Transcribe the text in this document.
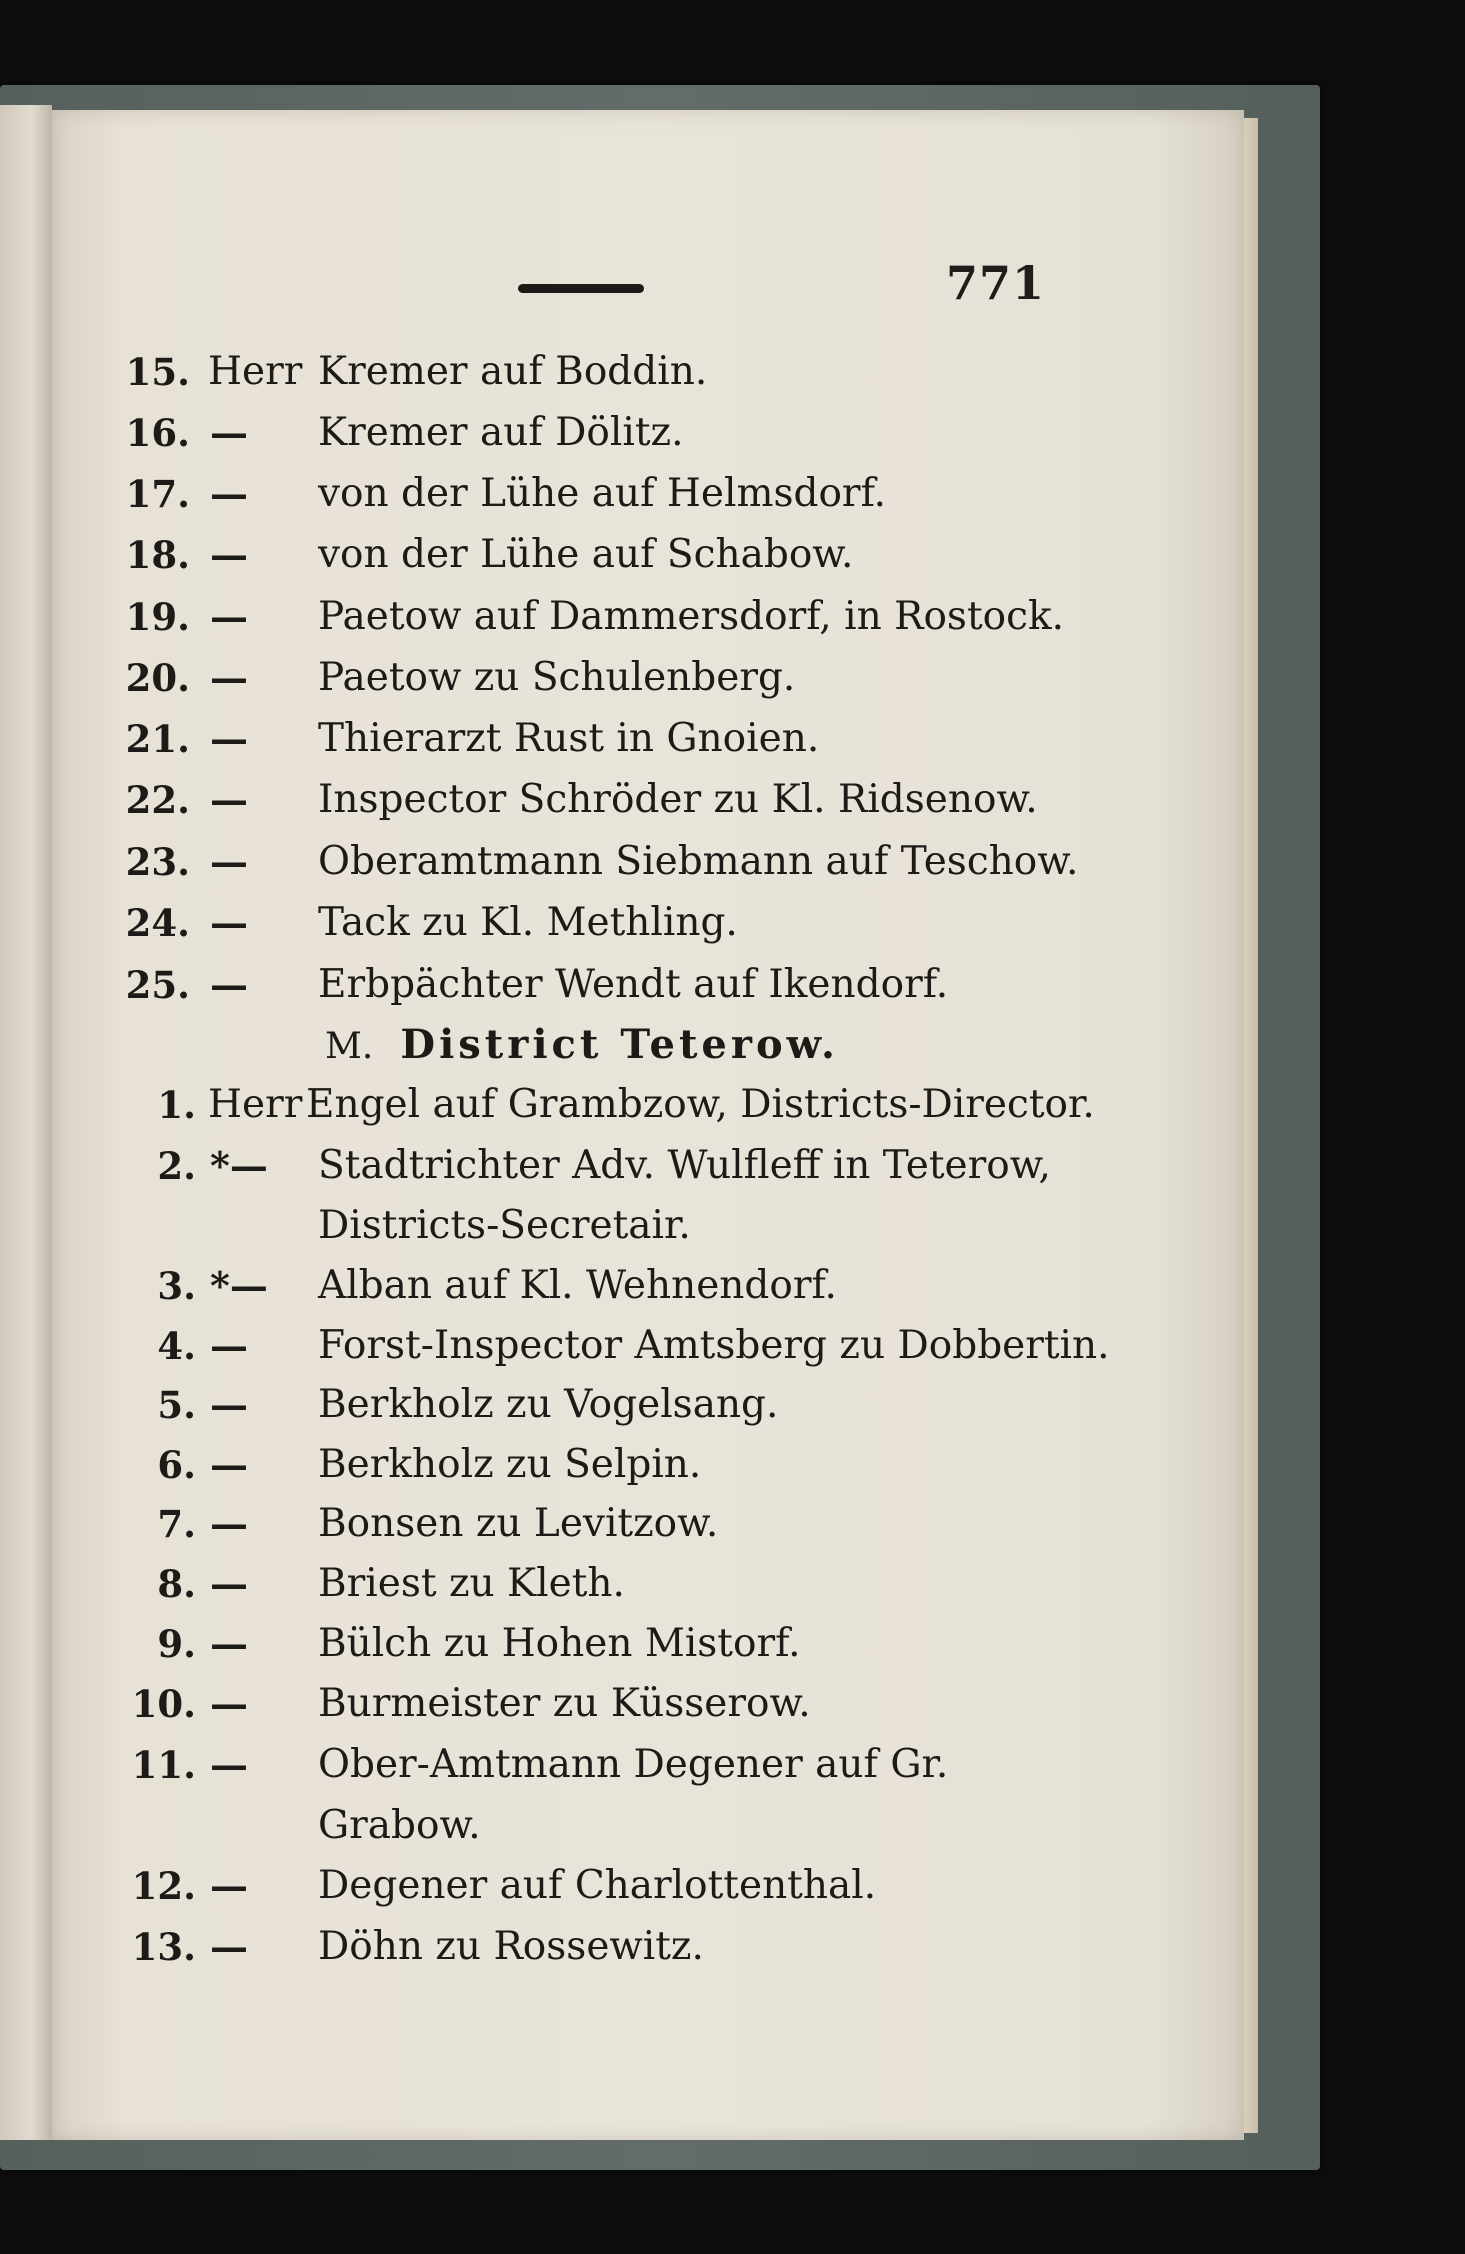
771
15. Herr Kremer auf Boddin.
16. —	Kremer auf Dölitz.
17. —	von der Lühe auf Helmsdorf.
18. —	von der Lühe auf Schabow.
19. —	Paetow auf Dammersdorf, in Rostock.
20. —	Paetow zu Schulenberg.
21. —	Thierarzt Rust in Gnoien.
22. —	Inspector Schröder zu Kl. Ridsenow.
23. —	Oberamtmann Siebmann auf Teschow.
24. —	Tack zu Kl. Methling.
25. —	Erbpächter Wendt auf Ikendorf.
M. District Teterow.
1. Herr Engel auf Grambzow, Districts-Director.
2. *—	Stadtrichter Adv. Wulfleff in Teterow,
Districts-Secretair.
3. *—	Alban auf Kl. Wehnendorf.
4. —	Forst-Inspector Amtsberg zu Dobbertin.
5. —	Berkholz zu Vogelsang.
6. —	Berkholz zu Selpin.
7. —	Bonsen zu Levitzow.
8. —	Briest zu Kleth.
9. —	Bülch zu Hohen Mistorf.
10. —	Burmeister zu Küsserow.
11. —	Ober-Amtmann Degener auf Gr.
Grabow.
12. —	Degener auf Charlottenthal.
13. —	Döhn zu Rossewitz.
